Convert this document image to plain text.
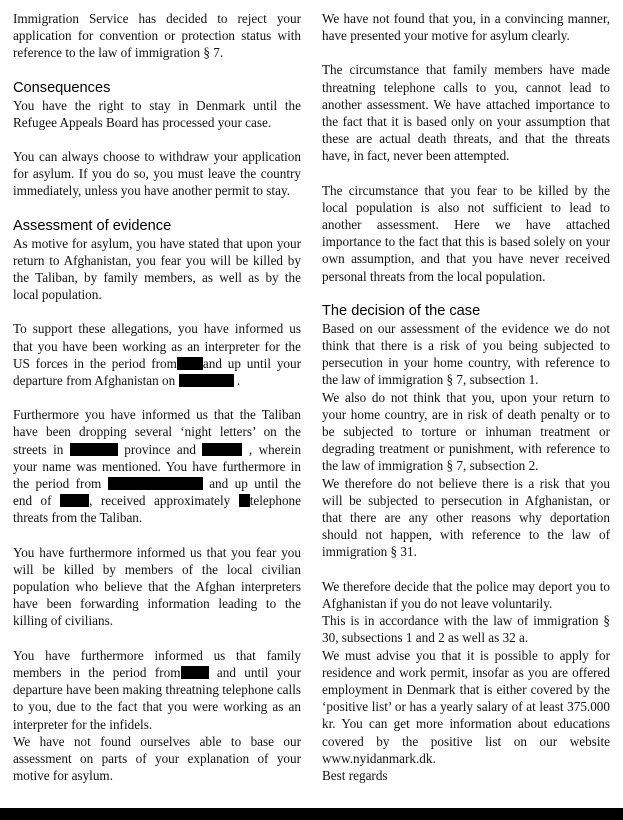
Immigration Service has decided to reject your application for convention or protection status with reference to the law of immigration § 7.

Consequences

You have the right to stay in Denmark until the Refugee Appeals Board has processed your case.

You can always choose to withdraw your application for asylum. If you do so, you must leave the country immediately, unless you have another permit to stay.

Assessment of evidence

As motive for asylum, you have stated that upon your return to Afghanistan, you fear you will be killed by the Taliban, by family members, as well as by the local population.

To support these allegations, you have informed us that you have been working as an interpreter for the US forces in the period from and up until your departure from Afghanistan on	.

Furthermore you have informed us that the Taliban have been dropping several ‘night letters’ on the streets in	province and	, wherein your name was mentioned. You have furthermore in the period from	and up until the end of	, received approximately telephone threats from the Taliban.

You have furthermore informed us that you fear you will be killed by members of the local civilian population who believe that the Afghan interpreters have been forwarding information leading to the killing of civilians.

You have furthermore informed us that family members in the period from	and until your departure have been making threatning telephone calls to you, due to the fact that you were working as an interpreter for the infidels.

We have not found ourselves able to base our assessment on parts of your explanation of your motive for asylum.

We have not found that you, in a convincing manner, have presented your motive for asylum clearly.

The circumstance that family members have made threatning telephone calls to you, cannot lead to another assessment. We have attached importance to the fact that it is based only on your assumption that these are actual death threats, and that the threats have, in fact, never been attempted.

The circumstance that you fear to be killed by the local population is also not sufficient to lead to another assessment. Here we have attached importance to the fact that this is based solely on your own assumption, and that you have never received personal threats from the local population.

The decision of the case

Based on our assessment of the evidence we do not think that there is a risk of you being subjected to persecution in your home country, with reference to the law of immigration § 7, subsection 1.

We also do not think that you, upon your return to your home country, are in risk of death penalty or to be subjected to torture or inhuman treatment or degrading treatment or punishment, with reference to the law of immigration § 7, subsection 2.

We therefore do not believe there is a risk that you will be subjected to persecution in Afghanistan, or that there are any other reasons why deportation should not happen, with reference to the law of immigration § 31.

We therefore decide that the police may deport you to Afghanistan if you do not leave voluntarily.

This is in accordance with the law of immigration § 30, subsections 1 and 2 as well as 32 a.

We must advise you that it is possible to apply for residence and work permit, insofar as you are offered employment in Denmark that is either covered by the ‘positive list’ or has a yearly salary of at least 375.000 kr. You can get more information about educations covered by the positive list on our website www.nyidanmark.dk.

Best regards
